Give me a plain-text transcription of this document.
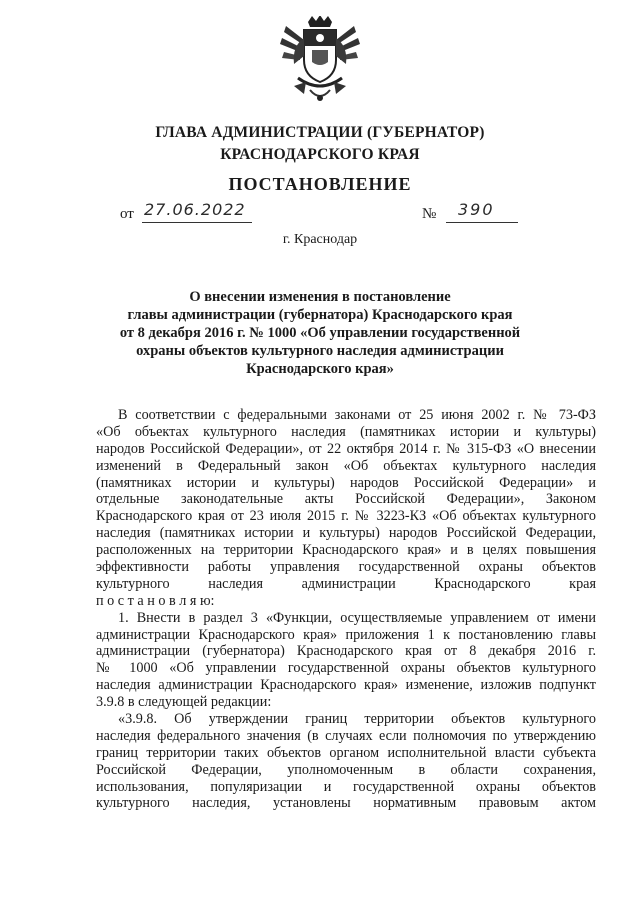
ГЛАВА АДМИНИСТРАЦИИ (ГУБЕРНАТОР)
КРАСНОДАРСКОГО КРАЯ
ПОСТАНОВЛЕНИЕ
от 27.06.2022	№ 390
г. Краснодар
О внесении изменения в постановление
главы администрации (губернатора) Краснодарского края
от 8 декабря 2016 г. № 1000 «Об управлении государственной
охраны объектов культурного наследия администрации
Краснодарского края»
В соответствии с федеральными законами от 25 июня 2002 г. № 73-ФЗ
«Об объектах культурного наследия (памятниках истории и культуры)
народов Российской Федерации», от 22 октября 2014 г. № 315-ФЗ «О внесении
изменений в Федеральный закон «Об объектах культурного наследия
(памятниках истории и культуры) народов Российской Федерации» и
отдельные законодательные акты Российской Федерации», Законом
Краснодарского края от 23 июля 2015 г. № 3223-КЗ «Об объектах культурного
наследия (памятниках истории и культуры) народов Российской Федерации,
расположенных на территории Краснодарского края» и в целях повышения
эффективности работы управления государственной охраны объектов
культурного наследия администрации Краснодарского края
п о с т а н о в л я ю:
1. Внести в раздел 3 «Функции, осуществляемые управлением от имени
администрации Краснодарского края» приложения 1 к постановлению главы
администрации (губернатора) Краснодарского края от 8 декабря 2016 г.
№ 1000 «Об управлении государственной охраны объектов культурного
наследия администрации Краснодарского края» изменение, изложив подпункт
3.9.8 в следующей редакции:
«3.9.8. Об утверждении границ территории объектов культурного
наследия федерального значения (в случаях если полномочия по утверждению
границ территории таких объектов органом исполнительной власти субъекта
Российской Федерации, уполномоченным в области сохранения,
использования, популяризации и государственной охраны объектов
культурного наследия, установлены нормативным правовым актом
